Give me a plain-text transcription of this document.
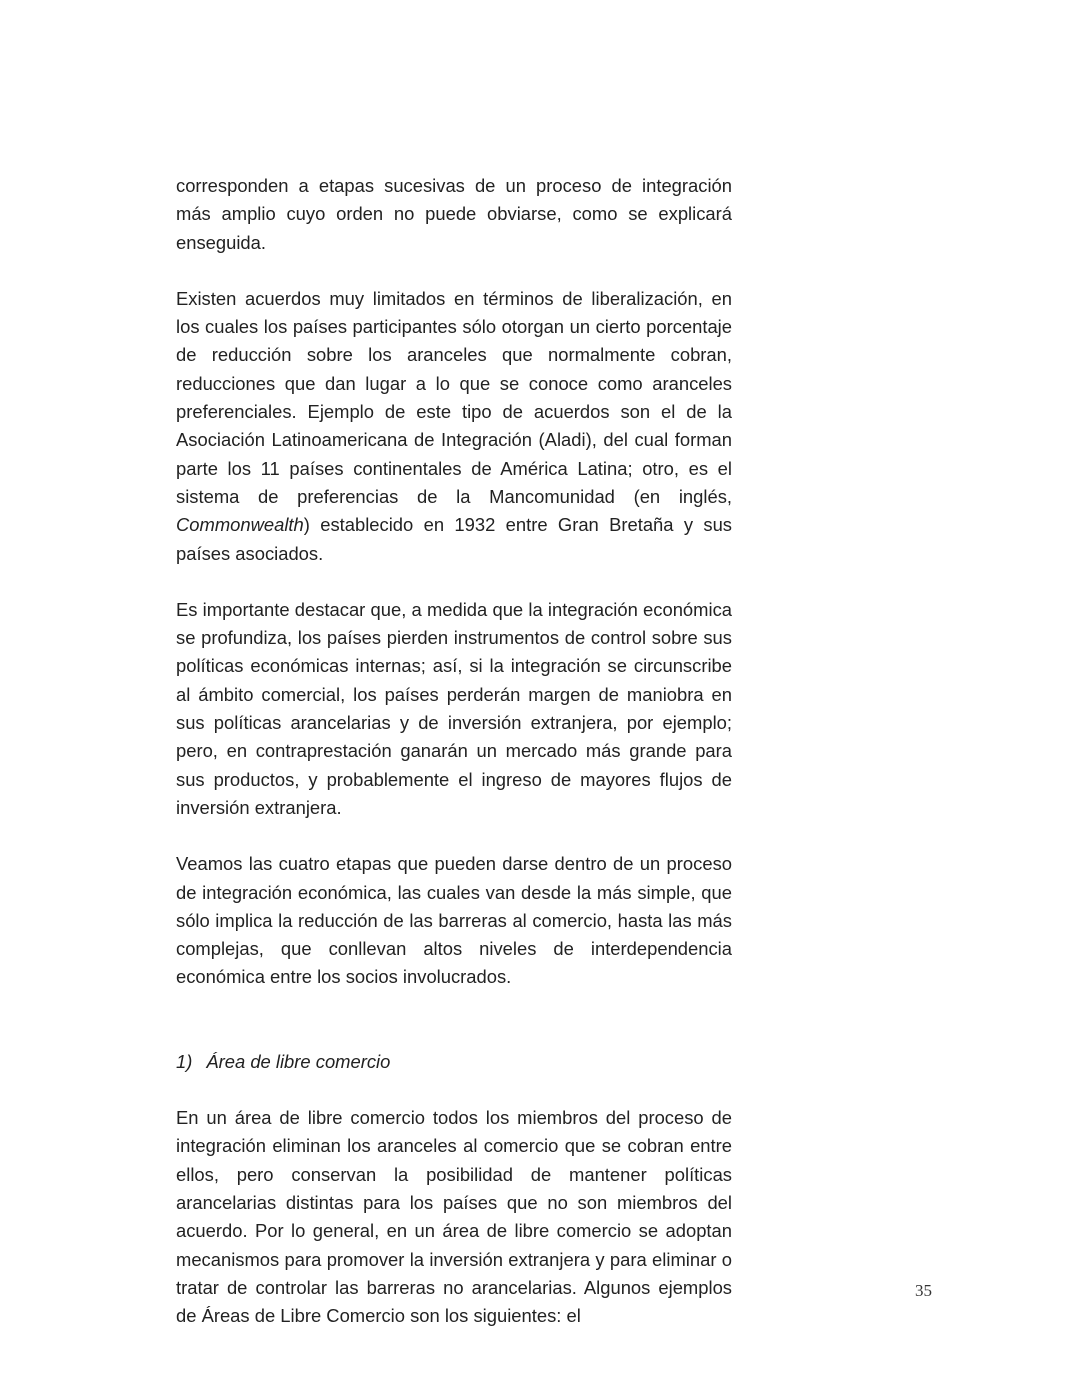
corresponden a etapas sucesivas de un proceso de integración más amplio cuyo orden no puede obviarse, como se explicará enseguida.

Existen acuerdos muy limitados en términos de liberalización, en los cuales los países participantes sólo otorgan un cierto porcentaje de reducción sobre los aranceles que normalmente cobran, reducciones que dan lugar a lo que se conoce como aranceles preferenciales. Ejemplo de este tipo de acuerdos son el de la Asociación Latinoamericana de Integración (Aladi), del cual forman parte los 11 países continentales de América Latina; otro, es el sistema de preferencias de la Mancomunidad (en inglés, Commonwealth) establecido en 1932 entre Gran Bretaña y sus países asociados.

Es importante destacar que, a medida que la integración económica se profundiza, los países pierden instrumentos de control sobre sus políticas económicas internas; así, si la integración se circunscribe al ámbito comercial, los países perderán margen de maniobra en sus políticas arancelarias y de inversión extranjera, por ejemplo; pero, en contraprestación ganarán un mercado más grande para sus productos, y probablemente el ingreso de mayores flujos de inversión extranjera.

Veamos las cuatro etapas que pueden darse dentro de un proceso de integración económica, las cuales van desde la más simple, que sólo implica la reducción de las barreras al comercio, hasta las más complejas, que conllevan altos niveles de interdependencia económica entre los socios involucrados.

1) Área de libre comercio

En un área de libre comercio todos los miembros del proceso de integración eliminan los aranceles al comercio que se cobran entre ellos, pero conservan la posibilidad de mantener políticas arancelarias distintas para los países que no son miembros del acuerdo. Por lo general, en un área de libre comercio se adoptan mecanismos para promover la inversión extranjera y para eliminar o tratar de controlar las barreras no arancelarias. Algunos ejemplos de Áreas de Libre Comercio son los siguientes: el

35
